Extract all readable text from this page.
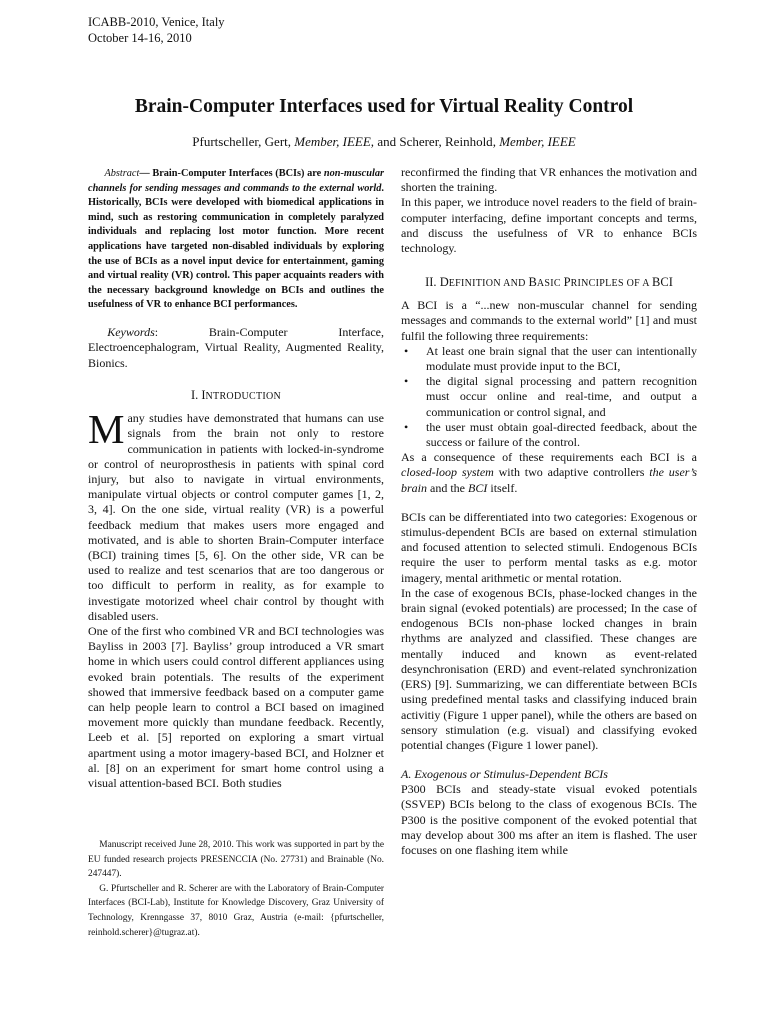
ICABB-2010, Venice, Italy
October 14-16, 2010
Brain-Computer Interfaces used for Virtual Reality Control
Pfurtscheller, Gert, Member, IEEE, and Scherer, Reinhold, Member, IEEE
Abstract— Brain-Computer Interfaces (BCIs) are non-muscular channels for sending messages and commands to the external world. Historically, BCIs were developed with biomedical applications in mind, such as restoring communication in completely paralyzed individuals and replacing lost motor function. More recent applications have targeted non-disabled individuals by exploring the use of BCIs as a novel input device for entertainment, gaming and virtual reality (VR) control. This paper acquaints readers with the necessary background knowledge on BCIs and outlines the usefulness of VR to enhance BCI performances.
Keywords: Brain-Computer Interface, Electroencephalogram, Virtual Reality, Augmented Reality, Bionics.
I. INTRODUCTION

Many studies have demonstrated that humans can use signals from the brain not only to restore communication in patients with locked-in-syndrome or control of neuroprosthesis in patients with spinal cord injury, but also to navigate in virtual environments, manipulate virtual objects or control computer games [1, 2, 3, 4]. On the one side, virtual reality (VR) is a powerful feedback medium that makes users more engaged and motivated, and is able to shorten Brain-Computer interface (BCI) training times [5, 6]. On the other side, VR can be used to realize and test scenarios that are too dangerous or too difficult to perform in reality, as for example to investigate motorized wheel chair control by thought with disabled users.

One of the first who combined VR and BCI technologies was Bayliss in 2003 [7]. Bayliss’ group introduced a VR smart home in which users could control different appliances using evoked brain potentials. The results of the experiment showed that immersive feedback based on a computer game can help people learn to control a BCI based on imagined movement more quickly than mundane feedback. Recently, Leeb et al. [5] reported on exploring a smart virtual apartment using a motor imagery-based BCI, and Holzner et al. [8] on an experiment for smart home control using a visual attention-based BCI. Both studies

Manuscript received June 28, 2010. This work was supported in part by the EU funded research projects PRESENCCIA (No. 27731) and Brainable (No. 247447).

G. Pfurtscheller and R. Scherer are with the Laboratory of Brain-Computer Interfaces (BCI-Lab), Institute for Knowledge Discovery, Graz University of Technology, Krenngasse 37, 8010 Graz, Austria (e-mail: {pfurtscheller, reinhold.scherer}@tugraz.at).

reconfirmed the finding that VR enhances the motivation and shorten the training.

In this paper, we introduce novel readers to the field of brain-computer interfacing, define important concepts and terms, and discuss the usefulness of VR to enhance BCIs technology.

II. DEFINITION AND BASIC PRINCIPLES OF A BCI

A BCI is a “...new non-muscular channel for sending messages and commands to the external world” [1] and must fulfil the following three requirements:

• At least one brain signal that the user can intentionally modulate must provide input to the BCI,
• the digital signal processing and pattern recognition must occur online and real-time, and output a communication or control signal, and
• the user must obtain goal-directed feedback, about the success or failure of the control.

As a consequence of these requirements each BCI is a closed-loop system with two adaptive controllers the user’s brain and the BCI itself.

BCIs can be differentiated into two categories: Exogenous or stimulus-dependent BCIs are based on external stimulation and focused attention to selected stimuli. Endogenous BCIs require the user to perform mental tasks as e.g. motor imagery, mental arithmetic or mental rotation.

In the case of exogenous BCIs, phase-locked changes in the brain signal (evoked potentials) are processed; In the case of endogenous BCIs non-phase locked changes in brain rhythms are analyzed and classified. These changes are mentally induced and known as event-related desynchronisation (ERD) and event-related synchronization (ERS) [9]. Summarizing, we can differentiate between BCIs using predefined mental tasks and classifying induced brain activitiy (Figure 1 upper panel), while the others are based on sensory stimulation (e.g. visual) and classifying evoked potential changes (Figure 1 lower panel).

A. Exogenous or Stimulus-Dependent BCIs

P300 BCIs and steady-state visual evoked potentials (SSVEP) BCIs belong to the class of exogenous BCIs. The P300 is the positive component of the evoked potential that may develop about 300 ms after an item is flashed. The user focuses on one flashing item while
